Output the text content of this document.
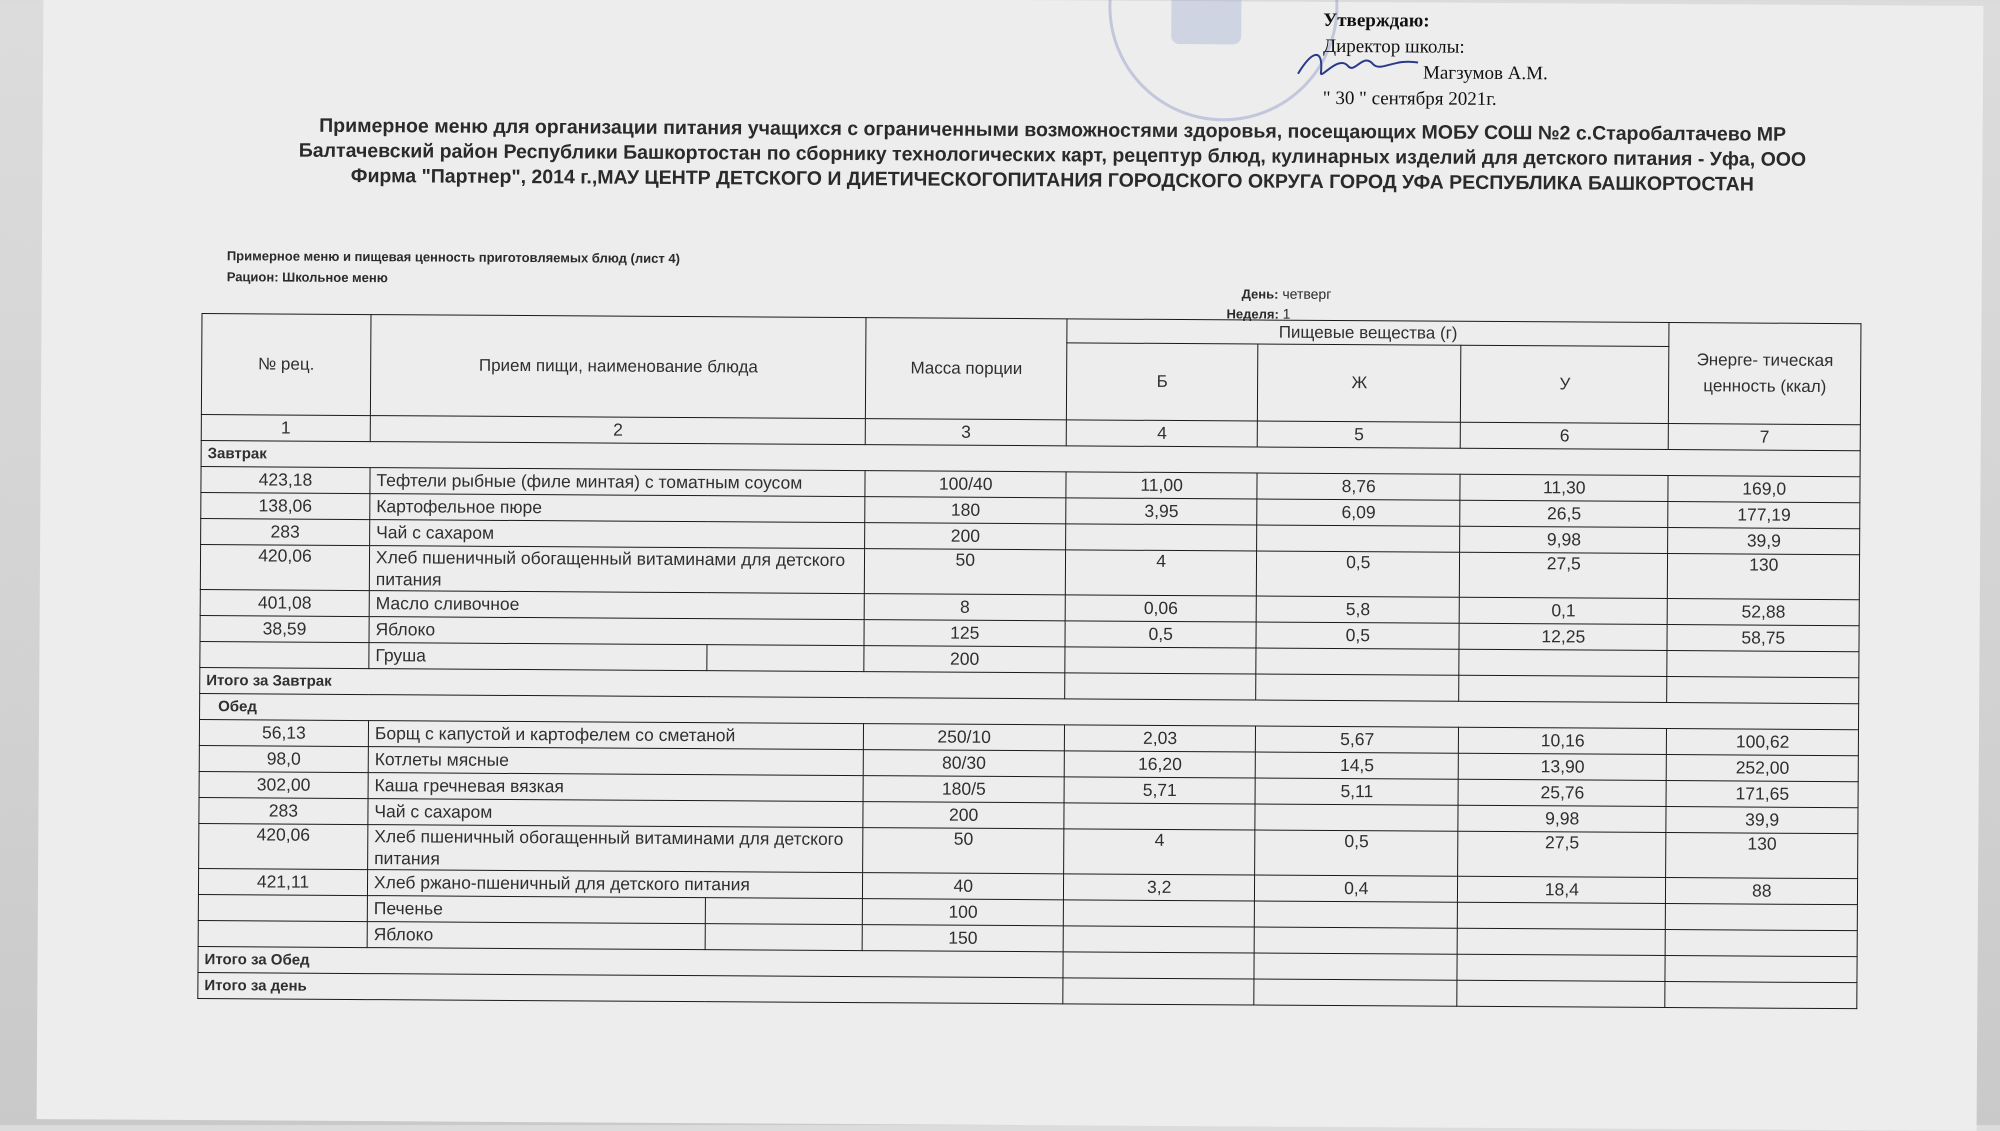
Утверждаю:
Директор школы:
Магзумов А.М.
" 30 " сентября 2021г.
Примерное меню для организации питания учащихся с ограниченными возможностями здоровья, посещающих МОБУ СОШ №2 с.Старобалтачево МР Балтачевский район Республики Башкортостан по сборнику технологических карт, рецептур блюд, кулинарных изделий для детского питания - Уфа, ООО Фирма "Партнер", 2014 г.,МАУ ЦЕНТР ДЕТСКОГО И ДИЕТИЧЕСКОГОПИТАНИЯ ГОРОДСКОГО ОКРУГА ГОРОД УФА РЕСПУБЛИКА БАШКОРТОСТАН
Примерное меню и пищевая ценность приготовляемых блюд (лист 4)
Рацион: Школьное меню
День: четверг
Неделя: 1
№ рец.	Прием пищи, наименование блюда		Масса порции	Пищевые вещества (г)			Энерге- тическая ценность (ккал)
				Б	Ж	У	
1	2		3	4	5	6	7
Завтрак							
423,18	Тефтели рыбные (филе минтая) с томатным соусом		100/40	11,00	8,76	11,30	169,0
138,06	Картофельное пюре		180	3,95	6,09	26,5	177,19
283	Чай с сахаром		200			9,98	39,9
420,06	Хлеб пшеничный обогащенный витаминами для детского питания		50	4	0,5	27,5	130
401,08	Масло сливочное		8	0,06	5,8	0,1	52,88
38,59	Яблоко		125	0,5	0,5	12,25	58,75
	Груша		200				
Итого за Завтрак							
Обед							
56,13	Борщ с капустой и картофелем со сметаной		250/10	2,03	5,67	10,16	100,62
98,0	Котлеты мясные		80/30	16,20	14,5	13,90	252,00
302,00	Каша гречневая вязкая		180/5	5,71	5,11	25,76	171,65
283	Чай с сахаром		200			9,98	39,9
420,06	Хлеб пшеничный обогащенный витаминами для детского питания		50	4	0,5	27,5	130
421,11	Хлеб ржано-пшеничный для детского питания		40	3,2	0,4	18,4	88
	Печенье		100				
	Яблоко		150				
Итого за Обед							
Итого за день							
